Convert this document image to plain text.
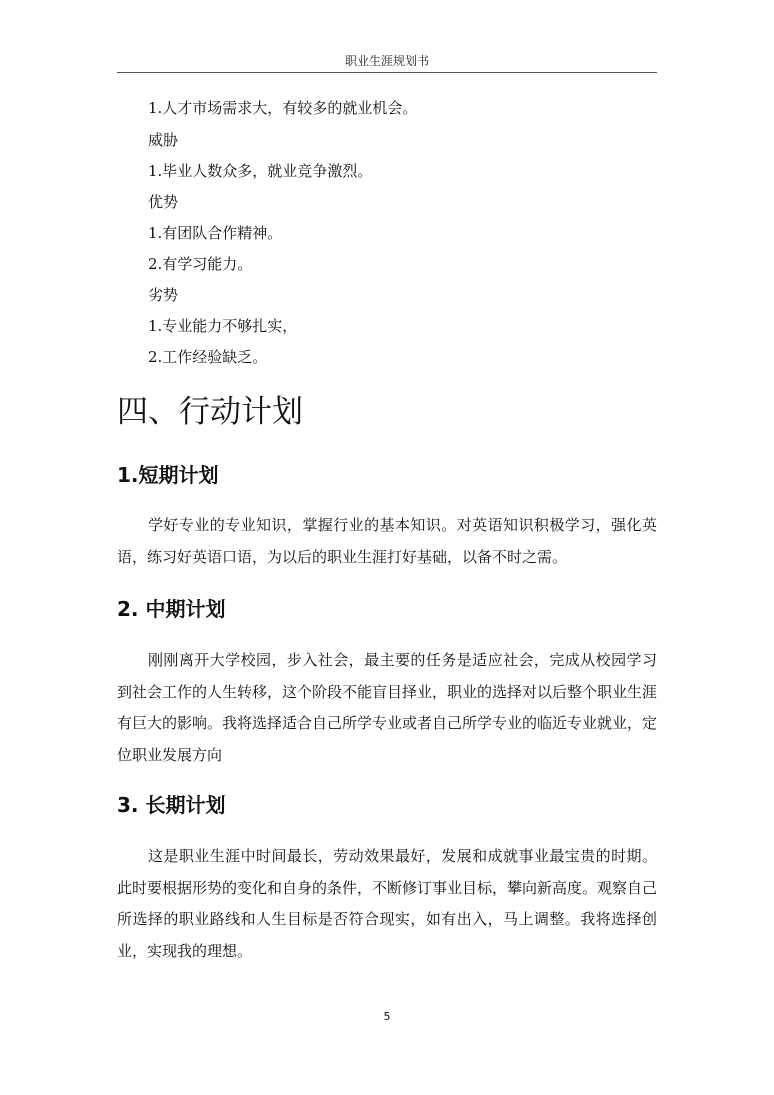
职业生涯规划书
1.人才市场需求大，有较多的就业机会。
威胁
1.毕业人数众多，就业竞争激烈。
优势
1.有团队合作精神。
2.有学习能力。
劣势
1.专业能力不够扎实，
2.工作经验缺乏。
四、行动计划
1.短期计划

学好专业的专业知识，掌握行业的基本知识。对英语知识积极学习，强化英语，练习好英语口语，为以后的职业生涯打好基础，以备不时之需。

2. 中期计划

刚刚离开大学校园，步入社会，最主要的任务是适应社会，完成从校园学习到社会工作的人生转移，这个阶段不能盲目择业，职业的选择对以后整个职业生涯有巨大的影响。我将选择适合自己所学专业或者自己所学专业的临近专业就业，定位职业发展方向

3. 长期计划

这是职业生涯中时间最长，劳动效果最好，发展和成就事业最宝贵的时期。此时要根据形势的变化和自身的条件，不断修订事业目标，攀向新高度。观察自己所选择的职业路线和人生目标是否符合现实，如有出入，马上调整。我将选择创业，实现我的理想。

5
